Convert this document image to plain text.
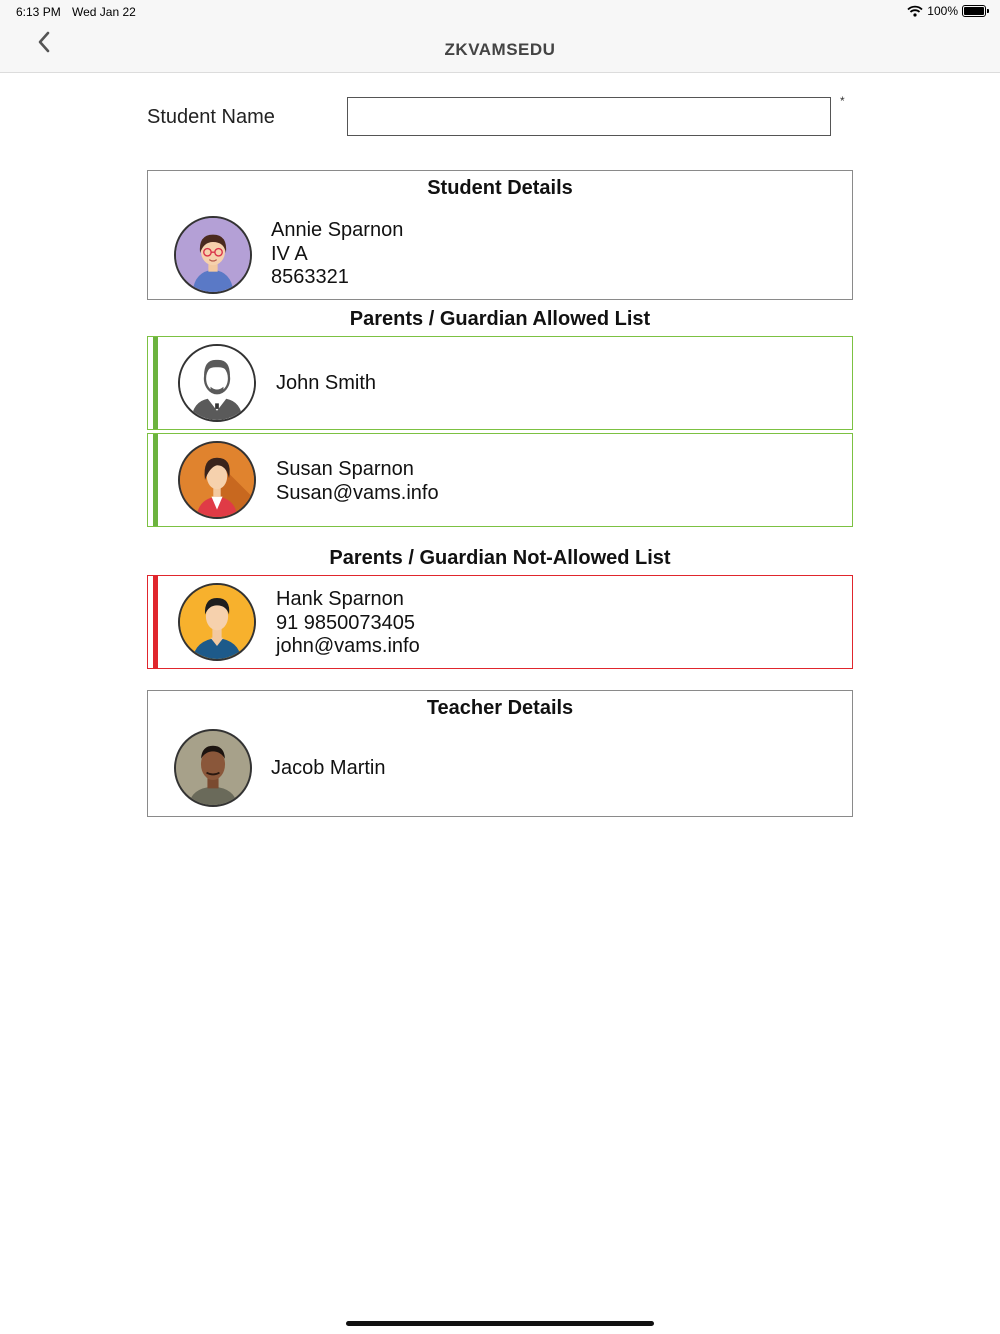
ZKVAMSEDU
6:13 PM Wed Jan 22	100%
Student Name
*
Student Details
Annie Sparnon
IV A
8563321
Parents / Guardian Allowed List
John Smith
Susan Sparnon
Susan@vams.info
Parents / Guardian Not-Allowed List
Hank Sparnon
91 9850073405
john@vams.info
Teacher Details
Jacob Martin
